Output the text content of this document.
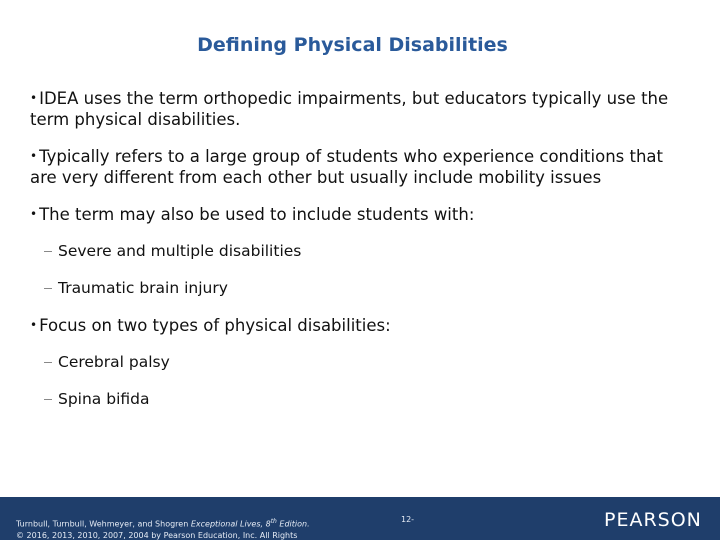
Defining Physical Disabilities
• IDEA uses the term orthopedic impairments, but educators typically use the term physical disabilities.
• Typically refers to a large group of students who experience conditions that are very different from each other but usually include mobility issues
• The term may also be used to include students with:
Severe and multiple disabilities
Traumatic brain injury
• Focus on two types of physical disabilities:
Cerebral palsy
Spina bifida
Turnbull, Turnbull, Wehmeyer, and Shogren Exceptional Lives, 8th Edition.
© 2016, 2013, 2010, 2007, 2004 by Pearson Education, Inc. All Rights
12-	PEARSON
